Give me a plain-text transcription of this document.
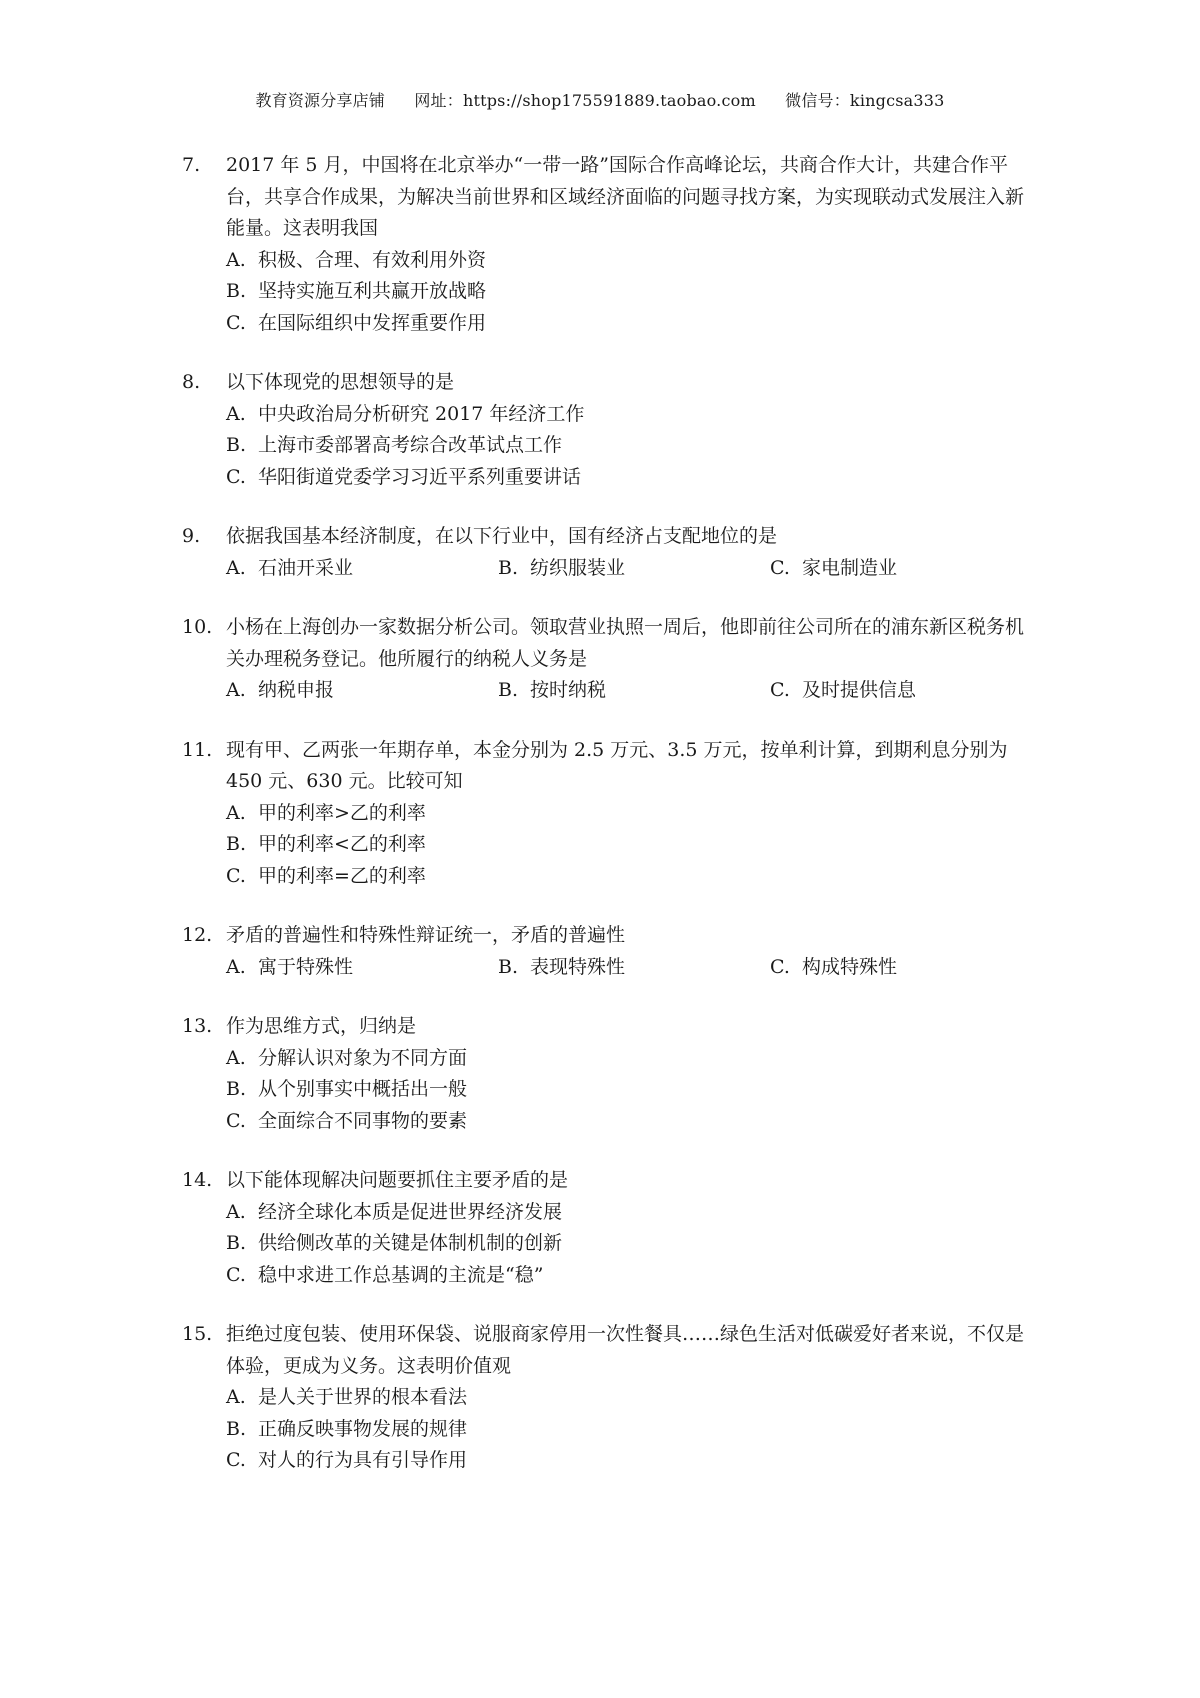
教育资源分享店铺 网址：https://shop175591889.taobao.com 微信号：kingcsa333
7.	2017 年 5 月，中国将在北京举办“一带一路”国际合作高峰论坛，共商合作大计，共建合作平台，共享合作成果，为解决当前世界和区域经济面临的问题寻找方案，为实现联动式发展注入新能量。这表明我国
A. 积极、合理、有效利用外资
B. 坚持实施互利共赢开放战略
C. 在国际组织中发挥重要作用
8.	以下体现党的思想领导的是
A. 中央政治局分析研究 2017 年经济工作
B. 上海市委部署高考综合改革试点工作
C. 华阳街道党委学习习近平系列重要讲话
9.	依据我国基本经济制度，在以下行业中，国有经济占支配地位的是
A. 石油开采业	B. 纺织服装业	C. 家电制造业
10. 小杨在上海创办一家数据分析公司。领取营业执照一周后，他即前往公司所在的浦东新区税务机关办理税务登记。他所履行的纳税人义务是
A. 纳税申报	B. 按时纳税	C. 及时提供信息
11. 现有甲、乙两张一年期存单，本金分别为 2.5 万元、3.5 万元，按单利计算，到期利息分别为 450 元、630 元。比较可知
A. 甲的利率>乙的利率
B. 甲的利率<乙的利率
C. 甲的利率=乙的利率
12. 矛盾的普遍性和特殊性辩证统一，矛盾的普遍性
A. 寓于特殊性	B. 表现特殊性	C. 构成特殊性
13. 作为思维方式，归纳是
A. 分解认识对象为不同方面
B. 从个别事实中概括出一般
C. 全面综合不同事物的要素
14. 以下能体现解决问题要抓住主要矛盾的是
A. 经济全球化本质是促进世界经济发展
B. 供给侧改革的关键是体制机制的创新
C. 稳中求进工作总基调的主流是“稳”
15. 拒绝过度包装、使用环保袋、说服商家停用一次性餐具……绿色生活对低碳爱好者来说，不仅是体验，更成为义务。这表明价值观
A. 是人关于世界的根本看法
B. 正确反映事物发展的规律
C. 对人的行为具有引导作用
